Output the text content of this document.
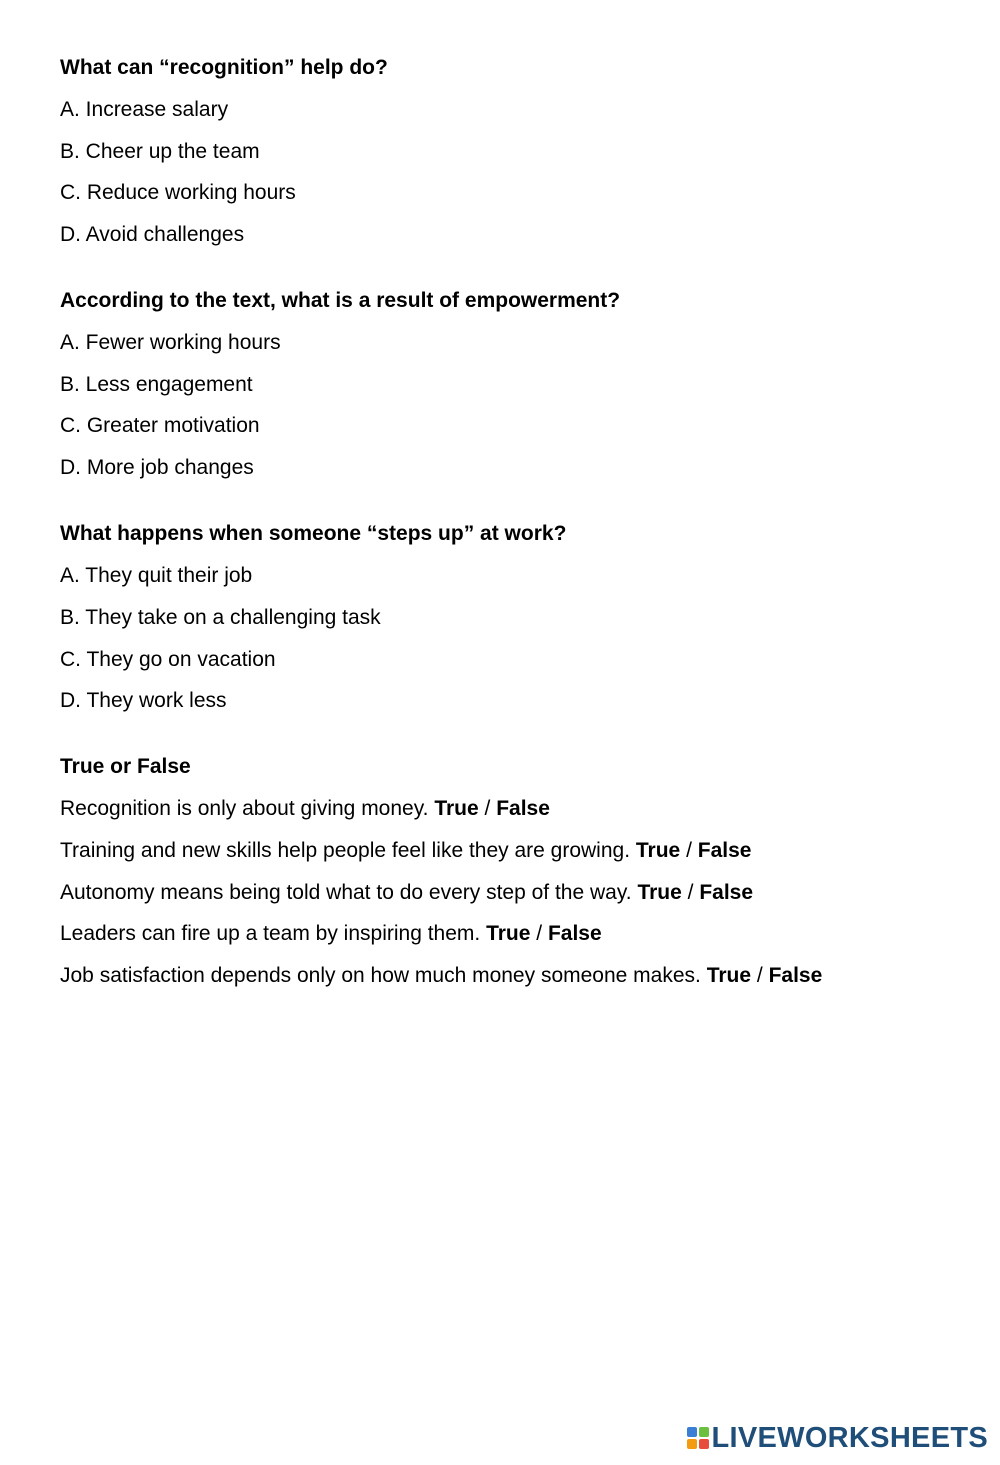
What can “recognition” help do?
A. Increase salary
B. Cheer up the team
C. Reduce working hours
D. Avoid challenges
According to the text, what is a result of empowerment?
A. Fewer working hours
B. Less engagement
C. Greater motivation
D. More job changes
What happens when someone “steps up” at work?
A. They quit their job
B. They take on a challenging task
C. They go on vacation
D. They work less
True or False
Recognition is only about giving money. True / False
Training and new skills help people feel like they are growing. True / False
Autonomy means being told what to do every step of the way. True / False
Leaders can fire up a team by inspiring them. True / False
Job satisfaction depends only on how much money someone makes. True / False
LIVEWORKSHEETS
